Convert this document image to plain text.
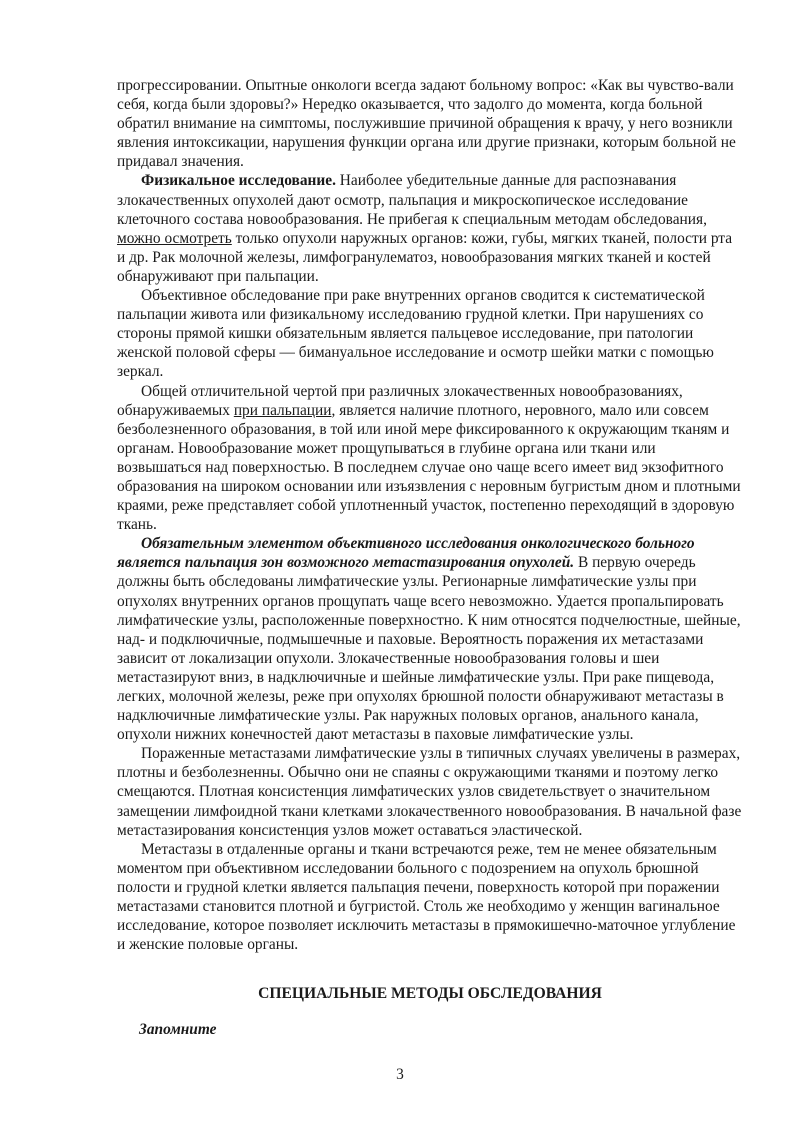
прогрессировании. Опытные онкологи всегда задают больному вопрос: «Как вы чувство-вали себя, когда были здоровы?» Нередко оказывается, что задолго до момента, когда больной обратил внимание на симптомы, послужившие причиной обращения к врачу, у него возникли явления интоксикации, нарушения функции органа или другие признаки, которым больной не придавал значения.

Физикальное исследование. Наиболее убедительные данные для распознавания злокачественных опухолей дают осмотр, пальпация и микроскопическое исследование клеточного состава новообразования. Не прибегая к специальным методам обследования, можно осмотреть только опухоли наружных органов: кожи, губы, мягких тканей, полости рта и др. Рак молочной железы, лимфогранулематоз, новообразования мягких тканей и костей обнаруживают при пальпации.

Объективное обследование при раке внутренних органов сводится к систематической пальпации живота или физикальному исследованию грудной клетки. При нарушениях со стороны прямой кишки обязательным является пальцевое исследование, при патологии женской половой сферы — бимануальное исследование и осмотр шейки матки с помощью зеркал.

Общей отличительной чертой при различных злокачественных новообразованиях, обнаруживаемых при пальпации, является наличие плотного, неровного, мало или совсем безболезненного образования, в той или иной мере фиксированного к окружающим тканям и органам. Новообразование может прощупываться в глубине органа или ткани или возвышаться над поверхностью. В последнем случае оно чаще всего имеет вид экзофитного образования на широком основании или изъязвления с неровным бугристым дном и плотными краями, реже представляет собой уплотненный участок, постепенно переходящий в здоровую ткань.

Обязательным элементом объективного исследования онкологического больного является пальпация зон возможного метастазирования опухолей. В первую очередь должны быть обследованы лимфатические узлы. Регионарные лимфатические узлы при опухолях внутренних органов прощупать чаще всего невозможно. Удается пропальпировать лимфатические узлы, расположенные поверхностно. К ним относятся подчелюстные, шейные, над- и подключичные, подмышечные и паховые. Вероятность поражения их метастазами зависит от локализации опухоли. Злокачественные новообразования головы и шеи метастазируют вниз, в надключичные и шейные лимфатические узлы. При раке пищевода, легких, молочной железы, реже при опухолях брюшной полости обнаруживают метастазы в надключичные лимфатические узлы. Рак наружных половых органов, анального канала, опухоли нижних конечностей дают метастазы в паховые лимфатические узлы.

Пораженные метастазами лимфатические узлы в типичных случаях увеличены в размерах, плотны и безболезненны. Обычно они не спаяны с окружающими тканями и поэтому легко смещаются. Плотная консистенция лимфатических узлов свидетельствует о значительном замещении лимфоидной ткани клетками злокачественного новообразования. В начальной фазе метастазирования консистенция узлов может оставаться эластической.

Метастазы в отдаленные органы и ткани встречаются реже, тем не менее обязательным моментом при объективном исследовании больного с подозрением на опухоль брюшной полости и грудной клетки является пальпация печени, поверхность которой при поражении метастазами становится плотной и бугристой. Столь же необходимо у женщин вагинальное исследование, которое позволяет исключить метастазы в прямокишечно-маточное углубление и женские половые органы.

СПЕЦИАЛЬНЫЕ МЕТОДЫ ОБСЛЕДОВАНИЯ
Запомните
3
